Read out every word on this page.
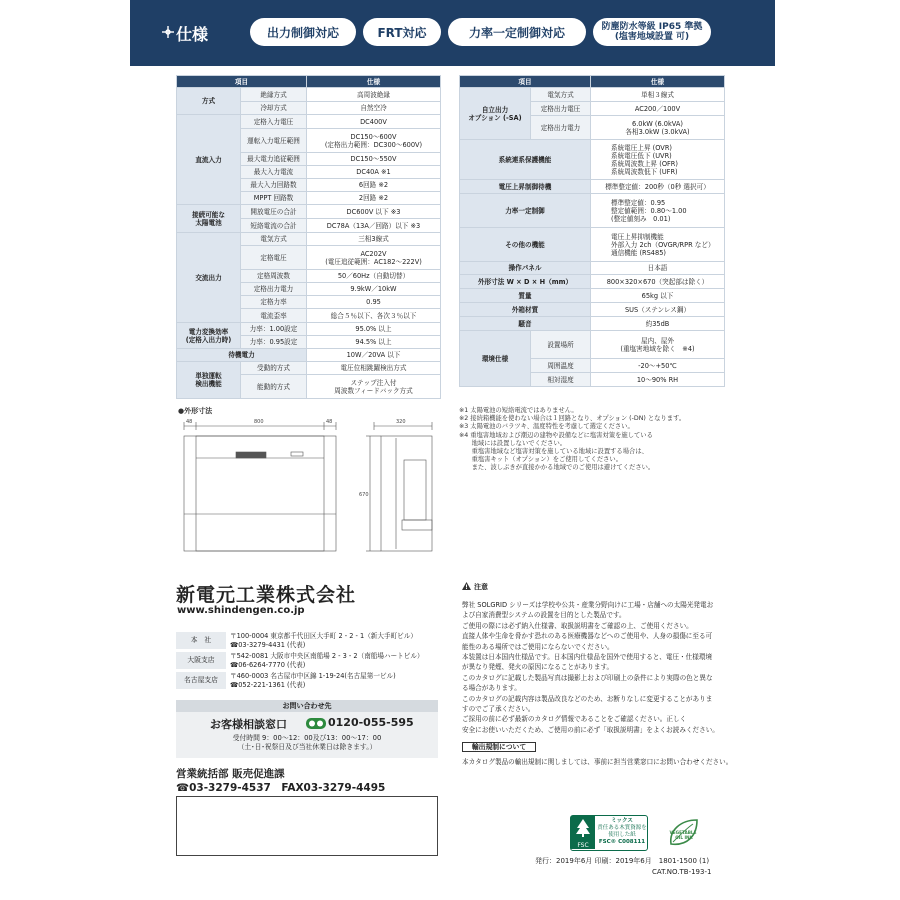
仕様	出力制御対応	FRT対応	力率一定制御対応	防塵防水等級 IP65 準拠
(塩害地域設置 可)
項目		仕様
方式	絶縁方式	高周波絶縁
	冷却方式	自然空冷
直流入力	定格入力電圧	DC400V
	運転入力電圧範囲	DC150～600V
(定格出力範囲：DC300～600V)

	最大電力追従範囲	DC150～550V
	最大入力電流	DC40A ※1
	最大入力回路数	6回路 ※2
	MPPT 回路数	2回路 ※2

接続可能な
太陽電池	開放電圧の合計	DC600V 以下 ※3
	短絡電流の合計	DC78A（13A／回路）以下 ※3
交流出力	電気方式	三相3線式
	定格電圧	AC202V
(電圧追従範囲：AC182～222V)

	定格周波数	50／60Hz（自動切替）
	定格出力電力	9.9kW／10kW
	定格力率	0.95
	電流歪率	総合５％以下、各次３％以下

電力変換効率
(定格入出力時)	力率：1.00設定	95.0% 以上
	力率：0.95設定	94.5% 以上
待機電力		10W／20VA 以下

単独運転
検出機能	受動的方式	電圧位相跳躍検出方式
	能動的方式	ステップ注入付
周波数フィードバック方式
項目		仕様

自立出力
オプション (-SA)	電気方式	単相３線式
	定格出力電圧	AC200／100V
	定格出力電力	6.0kW (6.0kVA)
各相3.0kW (3.0kVA)

系統連系保護機能		系統電圧上昇 (OVR)
系統電圧低下 (UVR)
系統周波数上昇 (OFR)
系統周波数低下 (UFR)

電圧上昇制御待機		標準整定値：200秒（0秒 選択可）
力率一定制御		標準整定値：0.95
整定値範囲：0.80～1.00
(整定値刻み　0.01)

その他の機能		電圧上昇抑制機能
外部入力 2ch（OVGR/RPR など）
通信機能 (RS485)

操作パネル		日本語
外形寸法 W × D × H（mm）		800×320×670（突起部は除く）
質量		65kg 以下
外箱材質		SUS（ステンレス鋼）
騒音		約35dB
環境仕様	設置場所	屋内、屋外
(重塩害地域を除く　※4)

	周囲温度	-20～+50℃
	相対湿度	10～90% RH
※1 太陽電池の短絡電流ではありません。
※2 接続箱機能を使わない場合は１回路となり、オプション (-DN) となります。
※3 太陽電池のバラツキ、温度特性を考慮して選定ください。
※4 重塩害地域および潮辺の建物や設備などに塩害対策を施している
　　地域には設置しないでください。
　　重塩害地域など塩害対策を施している地域に設置する場合は、
　　重塩害キット（オプション）をご使用してください。
　　また、波しぶきが直接かかる地域でのご使用は避けてください。
●外形寸法
48	800	48	320
670
新電元工業株式会社
www.shindengen.co.jp
本　社	〒100-0004 東京都千代田区大手町 2 - 2 - 1（新大手町ビル）
☎03-3279-4431 (代表)
大阪支店	〒542-0081 大阪市中央区南船場 2 - 3 - 2（南船場ハートビル）
☎06-6264-7770 (代表)
名古屋支店	〒460-0003 名古屋市中区錦 1-19-24(名古屋第一ビル)
☎052-221-1361 (代表)
お問い合わせ先
お客様相談窓口	0120-055-595
受付時間 9：00～12：00及び13：00～17：00
（土･日･祝祭日及び当社休業日は除きます。）
営業統括部 販売促進課
☎03-3279-4537　FAX03-3279-4495
注意
弊社 SOLGRID シリーズは学校や公共・産業分野向けに工場・店舗への太陽光発電お
よび自家消費型システムの設置を目的とした製品です。
ご使用の際には必ず納入仕様書、取扱説明書をご確認の上、ご使用ください。
直接人体や生命を脅かす恐れのある医療機器などへのご使用や、人身の損傷に至る可
能性のある場所ではご使用にならないでください。
本装置は日本国内仕様品です。日本国内仕様品を国外で使用すると、電圧・仕様環境
が異なり発煙、発火の原因になることがあります。
このカタログに記載した製品写真は撮影上および印刷上の条件により実際の色と異な
る場合があります。
このカタログの記載内容は製品改良などのため、お断りなしに変更することがありま
すのでご了承ください。
ご採用の前に必ず最新のカタログ情報であることをご確認ください。正しく
安全にお使いいただくため、ご使用の前に必ず「取扱説明書」をよくお読みください。
輸出規制について
本カタログ製品の輸出規制に関しましては、事前に担当営業窓口にお問い合わせください。
FSC
ミックス
責任ある木質資源を使用した紙
FSC® C008111
VEGETABLE
OIL INK
発行：2019年6月 印刷：2019年6月　1801-1500 (1)
CAT.NO.TB-193-1
